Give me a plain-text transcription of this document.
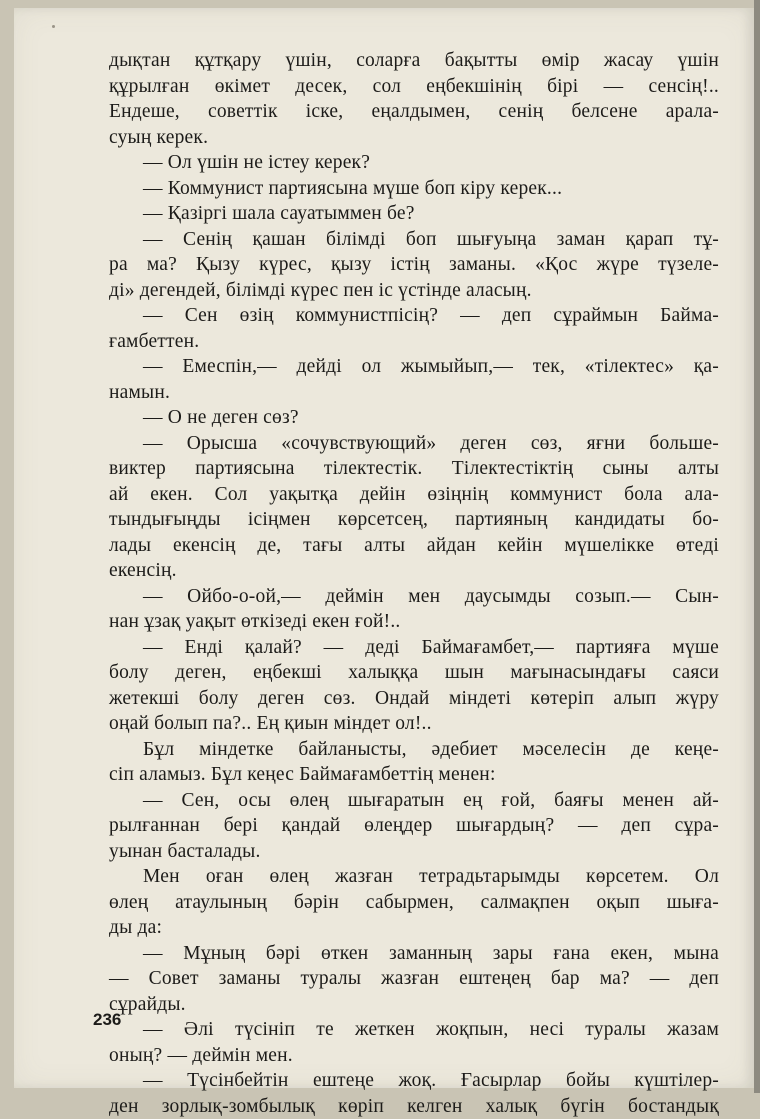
дықтан құтқару үшін, соларға бақытты өмір жасау үшін
құрылған өкімет десек, сол еңбекшінің бірі — сенсің!..
Ендеше, советтік іске, еңалдымен, сенің белсене арала-
суың керек.
— Ол үшін не істеу керек?
— Коммунист партиясына мүше боп кіру керек...
— Қазіргі шала сауатыммен бе?
— Сенің қашан білімді боп шығуыңа заман қарап тұ-
ра ма? Қызу күрес, қызу істің заманы. «Қос жүре түзеле-
ді» дегендей, білімді күрес пен іс үстінде аласың.
— Сен өзің коммунистпісің? — деп сұраймын Байма-
ғамбеттен.
— Емеспін,— дейді ол жымыйып,— тек, «тілектес» қа-
намын.
— О не деген сөз?
— Орысша «сочувствующий» деген сөз, яғни большe-
виктер партиясына тілектестік. Тілектестіктің сыны алты
ай екен. Сол уақытқа дейін өзіңнің коммунист бола ала-
тындығыңды ісіңмен көрсетсең, партияның кандидаты бо-
лады екенсің де, тағы алты айдан кейін мүшелікке өтеді
екенсің.
— Ойбо-о-ой,— деймін мен даусымды созып.— Сын-
нан ұзақ уақыт өткізеді екен ғой!..
— Енді қалай? — деді Баймағамбет,— партияға мүше
болу деген, еңбекші халыққа шын мағынасындағы саяси
жетекші болу деген сөз. Ондай міндеті көтеріп алып жүру
оңай болып па?.. Ең қиын міндет ол!..
Бұл міндетке байланысты, әдебиет мәселесін де кеңе-
сіп аламыз. Бұл кеңес Баймағамбеттің менен:
— Сен, осы өлең шығаратын ең ғой, баяғы менен ай-
рылғаннан бері қандай өлеңдер шығардың? — деп сұра-
уынан басталады.
Мен оған өлең жазған тетрадьтарымды көрсетем. Ол
өлең атаулының бәрін сабырмен, салмақпен оқып шыға-
ды да:
— Мұның бәрі өткен заманның зары ғана екен, мына
— Совет заманы туралы жазған ештеңең бар ма? — деп
сұрайды.
— Әлі түсініп те жеткен жоқпын, несі туралы жазам
оның? — деймін мен.
— Түсінбейтін ештеңе жоқ. Ғасырлар бойы күштілер-
ден зорлық-зомбылық көріп келген халық бүгін бостандық
236
